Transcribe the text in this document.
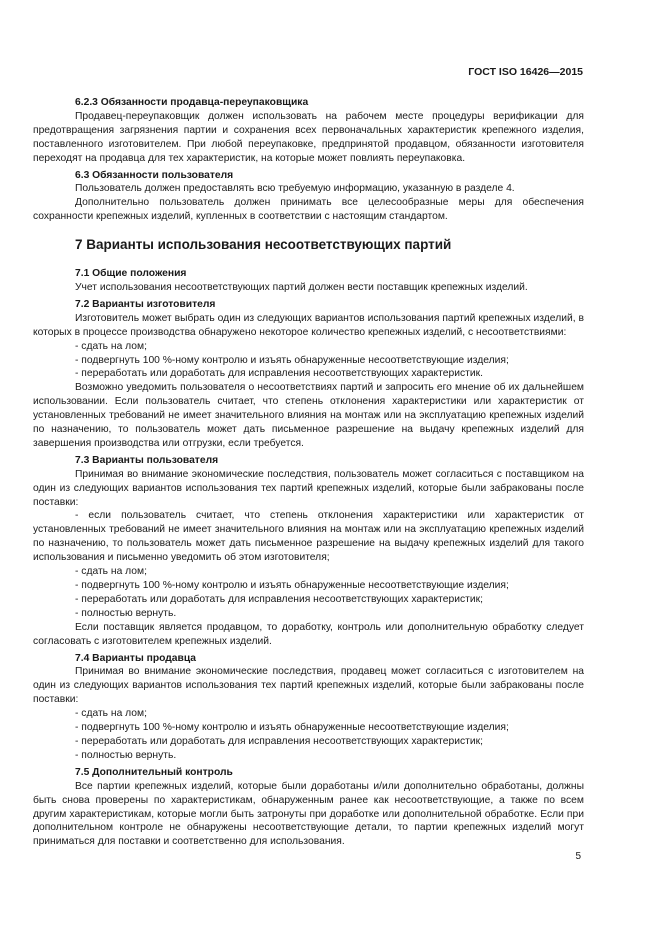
ГОСТ ISO 16426—2015
6.2.3 Обязанности продавца-переупаковщика

Продавец-переупаковщик должен использовать на рабочем месте процедуры верификации для предотвращения загрязнения партии и сохранения всех первоначальных характеристик крепежного изделия, поставленного изготовителем. При любой переупаковке, предпринятой продавцом, обязанности изготовителя переходят на продавца для тех характеристик, на которые может повлиять переупаковка.

6.3 Обязанности пользователя

Пользователь должен предоставлять всю требуемую информацию, указанную в разделе 4.

Дополнительно пользователь должен принимать все целесообразные меры для обеспечения сохранности крепежных изделий, купленных в соответствии с настоящим стандартом.

7 Варианты использования несоответствующих партий
7.1 Общие положения

Учет использования несоответствующих партий должен вести поставщик крепежных изделий.

7.2 Варианты изготовителя

Изготовитель может выбрать один из следующих вариантов использования партий крепежных изделий, в которых в процессе производства обнаружено некоторое количество крепежных изделий, с несоответствиями:

- сдать на лом;
- подвергнуть 100 %-ному контролю и изъять обнаруженные несоответствующие изделия;
- переработать или доработать для исправления несоответствующих характеристик.

Возможно уведомить пользователя о несоответствиях партий и запросить его мнение об их дальнейшем использовании. Если пользователь считает, что степень отклонения характеристики или характеристик от установленных требований не имеет значительного влияния на монтаж или на эксплуатацию крепежных изделий по назначению, то пользователь может дать письменное разрешение на выдачу крепежных изделий для завершения производства или отгрузки, если требуется.

7.3 Варианты пользователя

Принимая во внимание экономические последствия, пользователь может согласиться с поставщиком на один из следующих вариантов использования тех партий крепежных изделий, которые были забракованы после поставки:

- если пользователь считает, что степень отклонения характеристики или характеристик от установленных требований не имеет значительного влияния на монтаж или на эксплуатацию крепежных изделий по назначению, то пользователь может дать письменное разрешение на выдачу крепежных изделий для такого использования и письменно уведомить об этом изготовителя;

- сдать на лом;
- подвергнуть 100 %-ному контролю и изъять обнаруженные несоответствующие изделия;
- переработать или доработать для исправления несоответствующих характеристик;
- полностью вернуть.

Если поставщик является продавцом, то доработку, контроль или дополнительную обработку следует согласовать с изготовителем крепежных изделий.

7.4 Варианты продавца

Принимая во внимание экономические последствия, продавец может согласиться с изготовителем на один из следующих вариантов использования тех партий крепежных изделий, которые были забракованы после поставки:

- сдать на лом;
- подвергнуть 100 %-ному контролю и изъять обнаруженные несоответствующие изделия;
- переработать или доработать для исправления несоответствующих характеристик;
- полностью вернуть.
7.5 Дополнительный контроль

Все партии крепежных изделий, которые были доработаны и/или дополнительно обработаны, должны быть снова проверены по характеристикам, обнаруженным ранее как несоответствующие, а также по всем другим характеристикам, которые могли быть затронуты при доработке или дополнительной обработке. Если при дополнительном контроле не обнаружены несоответствующие детали, то партии крепежных изделий могут приниматься для поставки и соответственно для использования.

5
